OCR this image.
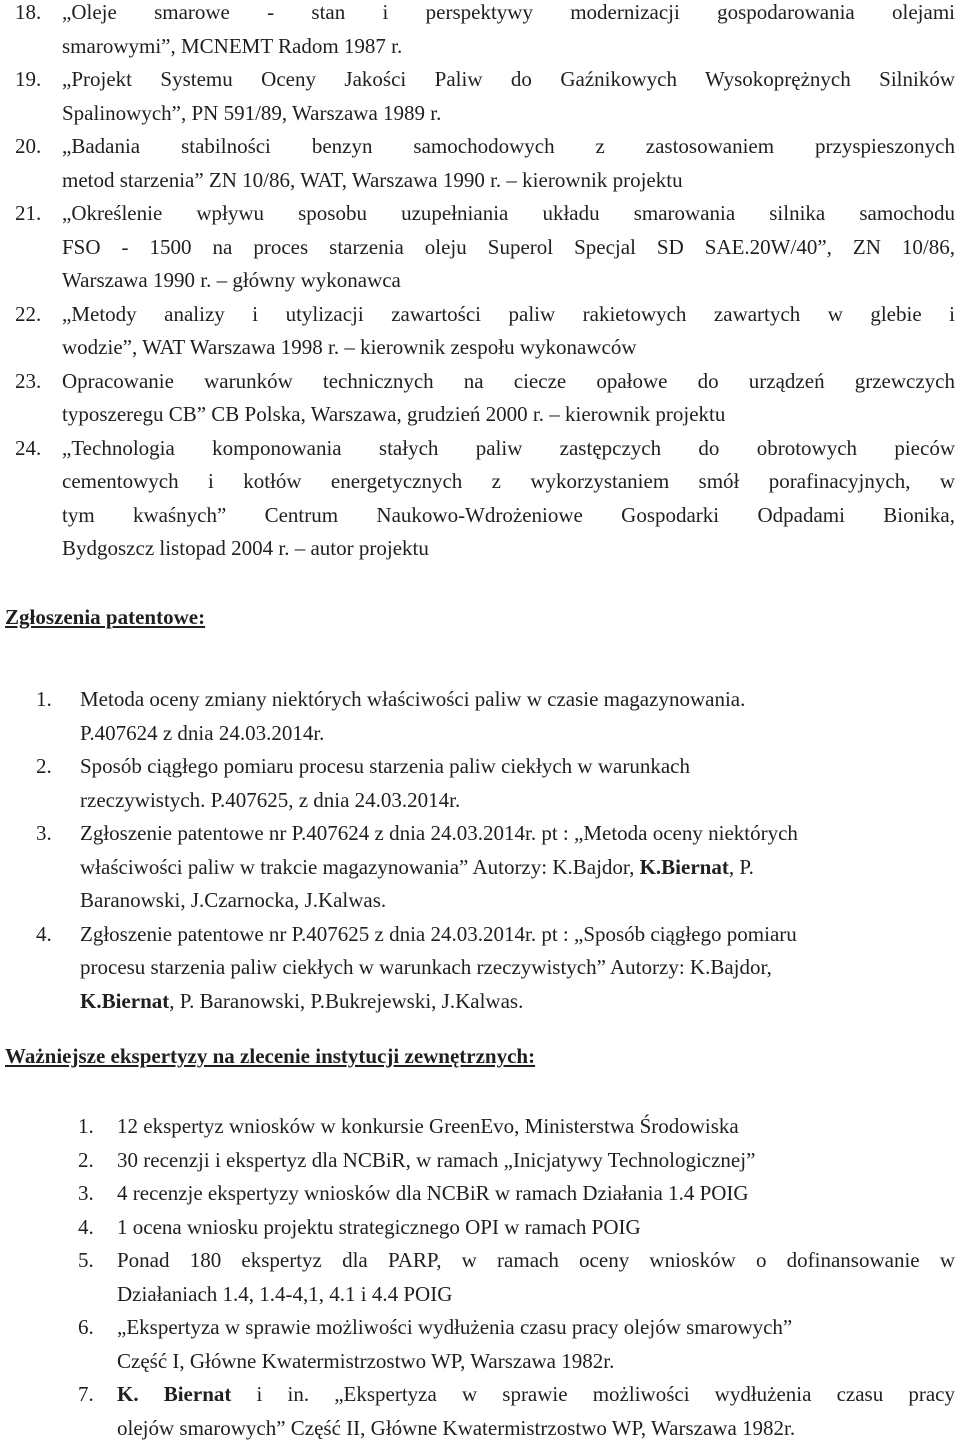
18. „Oleje smarowe - stan i perspektywy modernizacji gospodarowania olejami
smarowymi”, MCNEMT Radom 1987 r.
19. „Projekt Systemu Oceny Jakości Paliw do Gaźnikowych Wysokoprężnych Silników
Spalinowych”, PN 591/89, Warszawa 1989 r.
20. „Badania stabilności benzyn samochodowych z zastosowaniem przyspieszonych
metod starzenia” ZN 10/86, WAT, Warszawa 1990 r. – kierownik projektu
21. „Określenie wpływu sposobu uzupełniania układu smarowania silnika samochodu
FSO - 1500 na proces starzenia oleju Superol Specjal SD SAE.20W/40”, ZN 10/86,
Warszawa 1990 r. – główny wykonawca
22. „Metody analizy i utylizacji zawartości paliw rakietowych zawartych w glebie i
wodzie”, WAT Warszawa 1998 r. – kierownik zespołu wykonawców
23. Opracowanie warunków technicznych na ciecze opałowe do urządzeń grzewczych
typoszeregu CB” CB Polska, Warszawa, grudzień 2000 r. – kierownik projektu
24. „Technologia komponowania stałych paliw zastępczych do obrotowych pieców
cementowych i kotłów energetycznych z wykorzystaniem smół porafinacyjnych, w
tym kwaśnych” Centrum Naukowo-Wdrożeniowe Gospodarki Odpadami Bionika,
Bydgoszcz listopad 2004 r. – autor projektu
Zgłoszenia patentowe:
1. Metoda oceny zmiany niektórych właściwości paliw w czasie magazynowania.
P.407624 z dnia 24.03.2014r.
2. Sposób ciągłego pomiaru procesu starzenia paliw ciekłych w warunkach
rzeczywistych. P.407625, z dnia 24.03.2014r.
3. Zgłoszenie patentowe nr P.407624 z dnia 24.03.2014r. pt : „Metoda oceny niektórych
właściwości paliw w trakcie magazynowania” Autorzy: K.Bajdor, K.Biernat, P.
Baranowski, J.Czarnocka, J.Kalwas.
4. Zgłoszenie patentowe nr P.407625 z dnia 24.03.2014r. pt : „Sposób ciągłego pomiaru
procesu starzenia paliw ciekłych w warunkach rzeczywistych” Autorzy: K.Bajdor,
K.Biernat, P. Baranowski, P.Bukrejewski, J.Kalwas.
Ważniejsze ekspertyzy na zlecenie instytucji zewnętrznych:
1. 12 ekspertyz wniosków w konkursie GreenEvo, Ministerstwa Środowiska
2. 30 recenzji i ekspertyz dla NCBiR, w ramach „Inicjatywy Technologicznej”
3. 4 recenzje ekspertyzy wniosków dla NCBiR w ramach Działania 1.4 POIG
4. 1 ocena wniosku projektu strategicznego OPI w ramach POIG
5. Ponad 180 ekspertyz dla PARP, w ramach oceny wniosków o dofinansowanie w
Działaniach 1.4, 1.4-4,1, 4.1 i 4.4 POIG
6. „Ekspertyza w sprawie możliwości wydłużenia czasu pracy olejów smarowych”
Część I, Główne Kwatermistrzostwo WP, Warszawa 1982r.
7. K. Biernat i in. „Ekspertyza w sprawie możliwości wydłużenia czasu pracy
olejów smarowych” Część II, Główne Kwatermistrzostwo WP, Warszawa 1982r.
